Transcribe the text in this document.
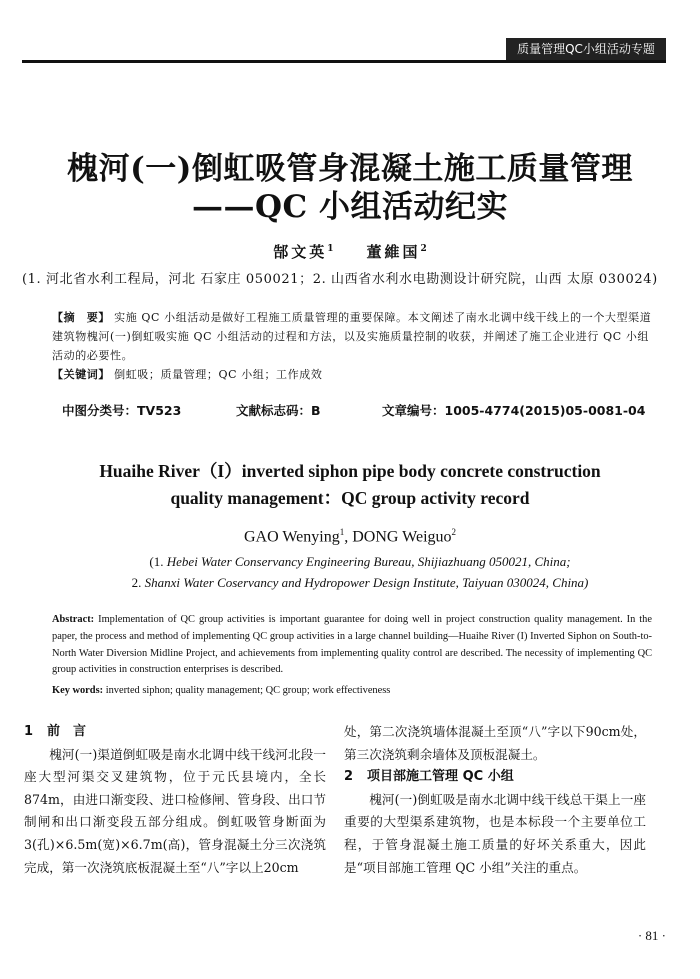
质量管理QC小组活动专题
槐河(一)倒虹吸管身混凝土施工质量管理
——QC 小组活动纪实
郜文英$^1$ 董維国$^2$
(1. 河北省水利工程局，河北 石家庄 050021；2. 山西省水利水电勘测设计研究院，山西 太原 030024)
【摘　要】 实施 QC 小组活动是做好工程施工质量管理的重要保障。本文阐述了南水北调中线干线上的一个大型渠道建筑物槐河(一)倒虹吸实施 QC 小组活动的过程和方法，以及实施质量控制的收获，并阐述了施工企业进行 QC 小组活动的必要性。
【关键词】 倒虹吸；质量管理；QC 小组；工作成效
中图分类号：TV523	文献标志码：B	文章编号：1005-4774(2015)05-0081-04
Huaihe River（I）inverted siphon pipe body concrete construction
quality management：QC group activity record
GAO Wenying$^1$, DONG Weiguo$^2$
(1. Hebei Water Conservancy Engineering Bureau, Shijiazhuang 050021, China;
2. Shanxi Water Coservancy and Hydropower Design Institute, Taiyuan 030024, China)
Abstract: Implementation of QC group activities is important guarantee for doing well in project construction quality management. In the paper, the process and method of implementing QC group activities in a large channel building—Huaihe River (I) Inverted Siphon on South-to-North Water Diversion Midline Project, and achievements from implementing quality control are described. The necessity of implementing QC group activities in construction enterprises is described.
Key words: inverted siphon; quality management; QC group; work effectiveness
1 前　言

槐河(一)渠道倒虹吸是南水北调中线干线河北段一座大型河渠交叉建筑物，位于元氏县境内，全长874m，由进口渐变段、进口检修闸、管身段、出口节制闸和出口渐变段五部分组成。倒虹吸管身断面为3(孔)×6.5m(宽)×6.7m(高)，管身混凝土分三次浇筑完成，第一次浇筑底板混凝土至“八”字以上20cm

处，第二次浇筑墙体混凝土至顶“八”字以下90cm处，第三次浇筑剩余墙体及顶板混凝土。

2 项目部施工管理 QC 小组

槐河(一)倒虹吸是南水北调中线干线总干渠上一座重要的大型渠系建筑物，也是本标段一个主要单位工程，于管身混凝土施工质量的好坏关系重大，因此是“项目部施工管理 QC 小组”关注的重点。

· 81 ·
